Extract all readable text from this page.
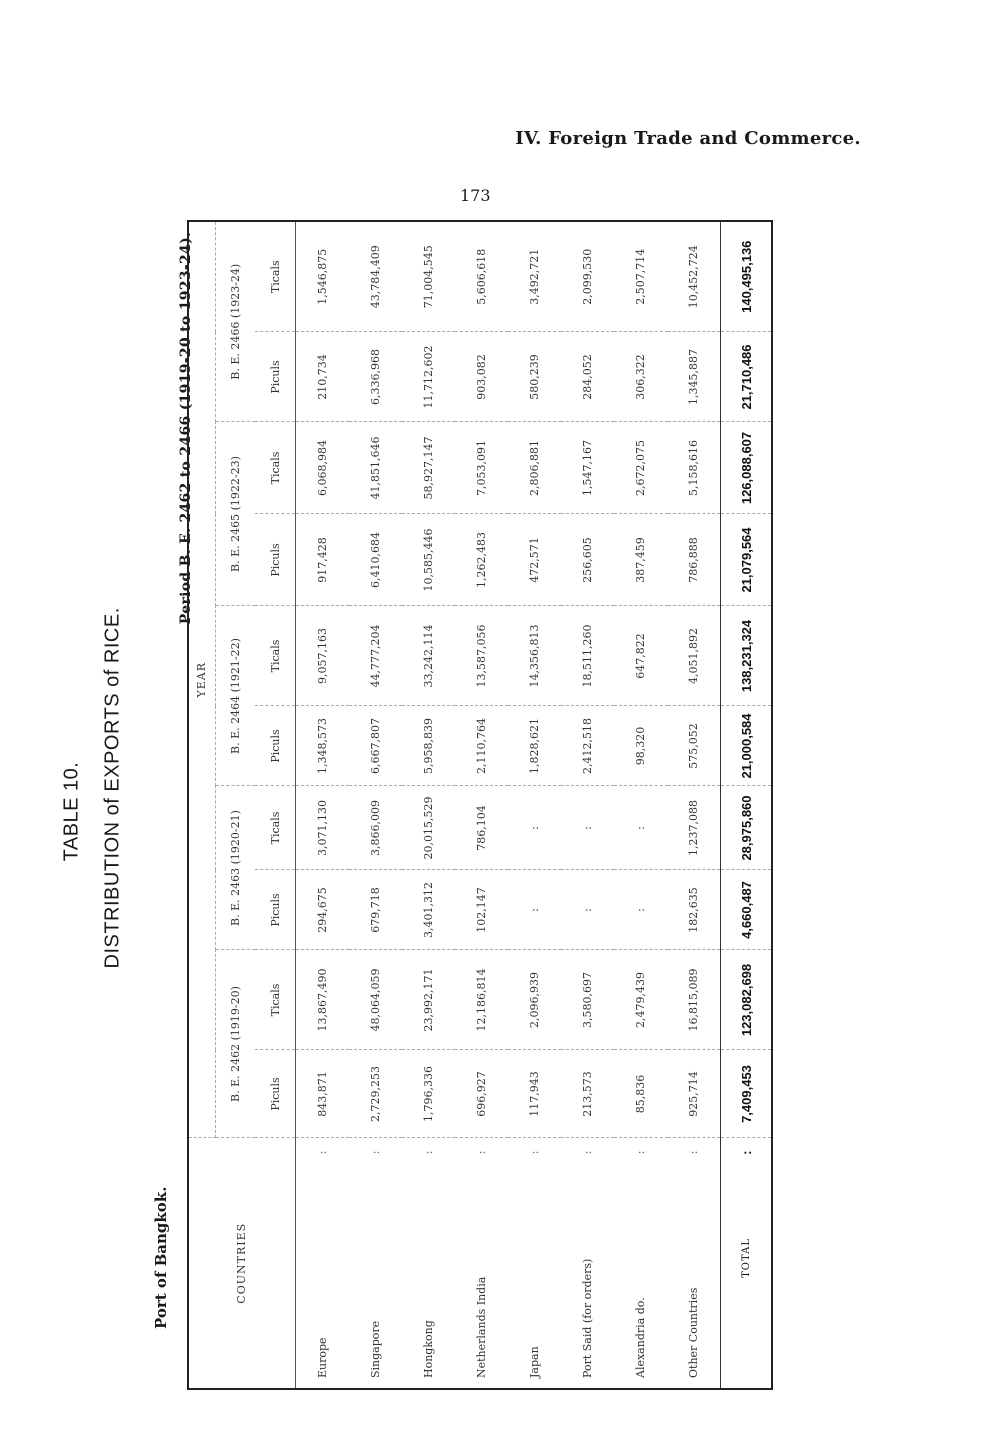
IV. Foreign Trade and Commerce.
173
TABLE 10. DISTRIBUTION of EXPORTS of RICE.
Port of Bangkok.
Period B. E. 2462 to 2466 (1919-20 to 1923-24).
COUNTRIES		YEAR									
		B. E. 2462 (1919-20)		B. E. 2463 (1920-21)		B. E. 2464 (1921-22)		B. E. 2465 (1922-23)		B. E. 2466 (1923-24)	
		Piculs	Ticals	Piculs	Ticals	Piculs	Ticals	Piculs	Ticals	Piculs	Ticals
Europe	:	843,871	13,867,490	294,675	3,071,130	1,348,573	9,057,163	917,428	6,068,984	210,734	1,546,875
Singapore	:	2,729,253	48,064,059	679,718	3,866,009	6,667,807	44,777,204	6,410,684	41,851,646	6,336,968	43,784,409
Hongkong	:	1,796,336	23,992,171	3,401,312	20,015,529	5,958,839	33,242,114	10,585,446	58,927,147	11,712,602	71,004,545
Netherlands India	:	696,927	12,186,814	102,147	786,104	2,110,764	13,587,056	1,262,483	7,053,091	903,082	5,606,618
Japan	:	117,943	2,096,939	:	:	1,828,621	14,356,813	472,571	2,806,881	580,239	3,492,721
Port Said (for orders)	:	213,573	3,580,697	:	:	2,412,518	18,511,260	256,605	1,547,167	284,052	2,099,530
Alexandria do.	:	85,836	2,479,439	:	:	98,320	647,822	387,459	2,672,075	306,322	2,507,714
Other Countries	:	925,714	16,815,089	182,635	1,237,088	575,052	4,051,892	786,888	5,158,616	1,345,887	10,452,724
TOTAL	:	7,409,453	123,082,698	4,660,487	28,975,860	21,000,584	138,231,324	21,079,564	126,088,607	21,710,486	140,495,136
